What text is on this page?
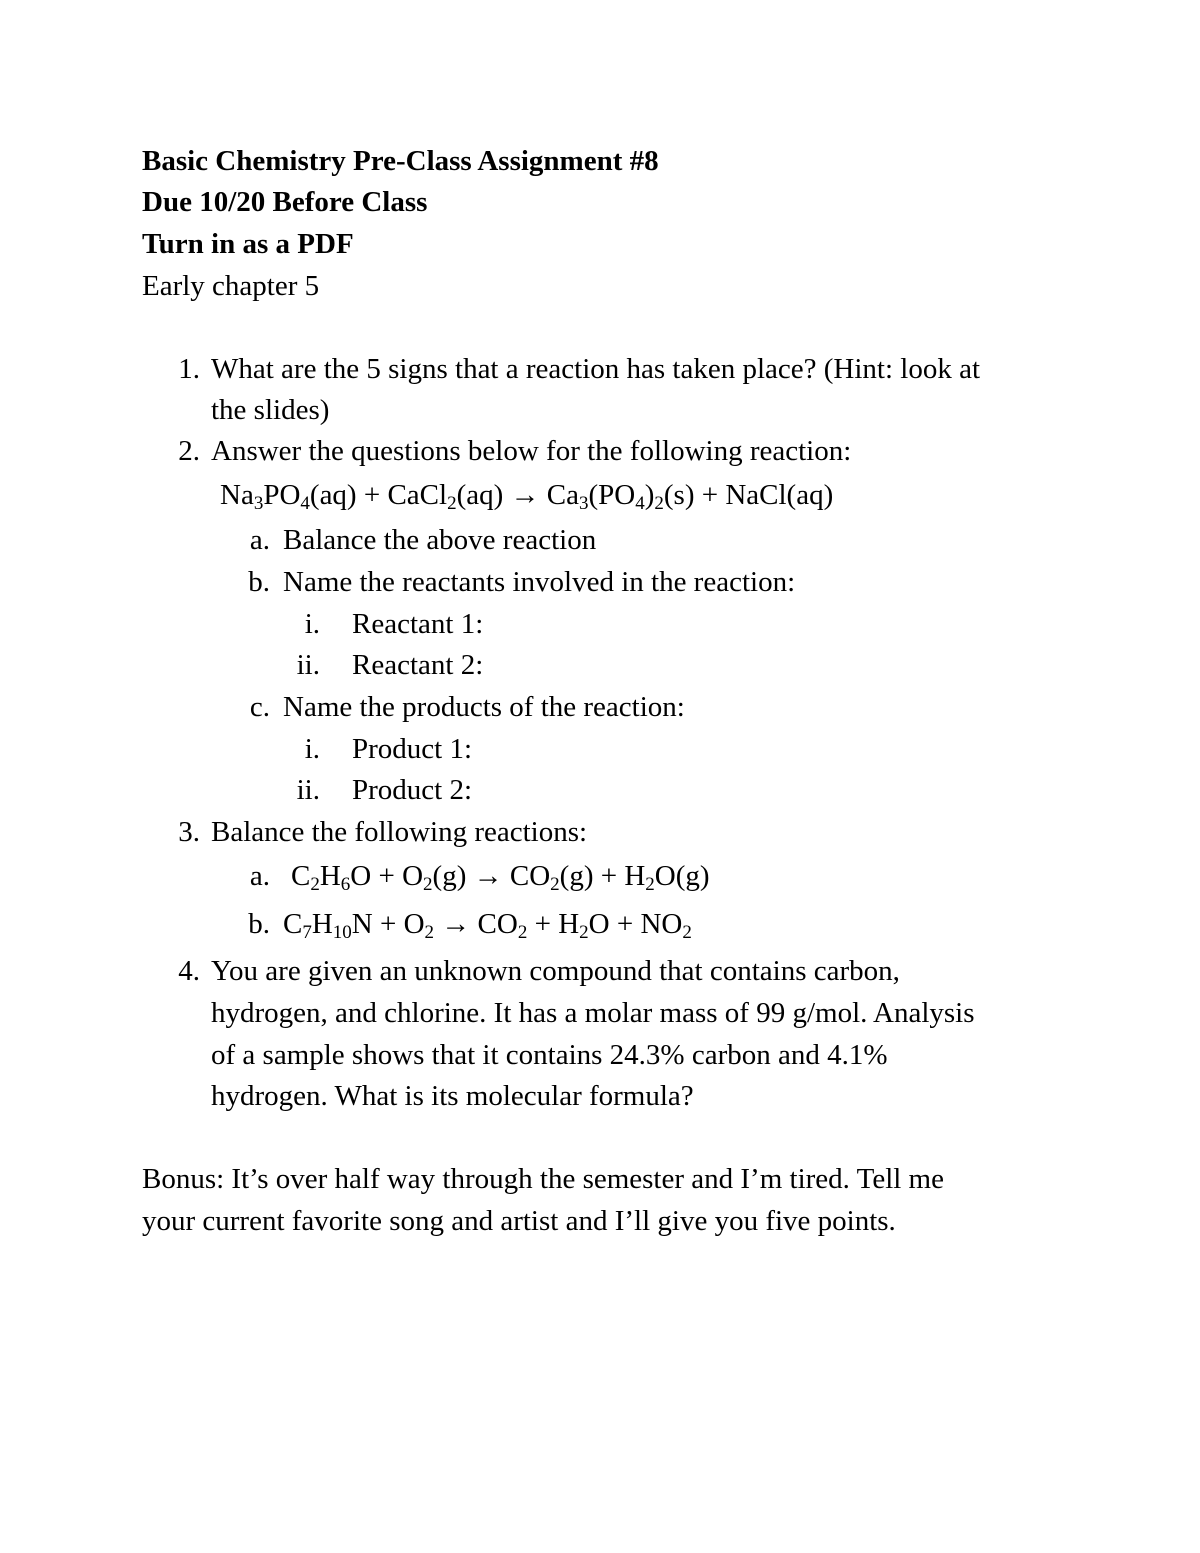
Basic Chemistry Pre-Class Assignment #8
Due 10/20 Before Class
Turn in as a PDF
Early chapter 5
1. What are the 5 signs that a reaction has taken place? (Hint: look at
the slides)
2. Answer the questions below for the following reaction:
$Na_3PO_4(aq)$ + CaCl$_2$(aq) → $Ca_3(PO_4)_2(s)$ + NaCl(aq)
a. Balance the above reaction
b. Name the reactants involved in the reaction:
i. Reactant 1:
ii. Reactant 2:
c. Name the products of the reaction:
i. Product 1:
ii. Product 2:
3. Balance the following reactions:
a. $C_2H_6O + O_2(g) \to CO_2(g) + H_2O(g)$
b. $C_7H_{10}N + O_2 \to CO_2 + H_2O + NO_2$
4. You are given an unknown compound that contains carbon,
hydrogen, and chlorine. It has a molar mass of 99 g/mol. Analysis
of a sample shows that it contains 24.3% carbon and 4.1%
hydrogen. What is its molecular formula?
Bonus: It’s over half way through the semester and I’m tired. Tell me
your current favorite song and artist and I’ll give you five points.
